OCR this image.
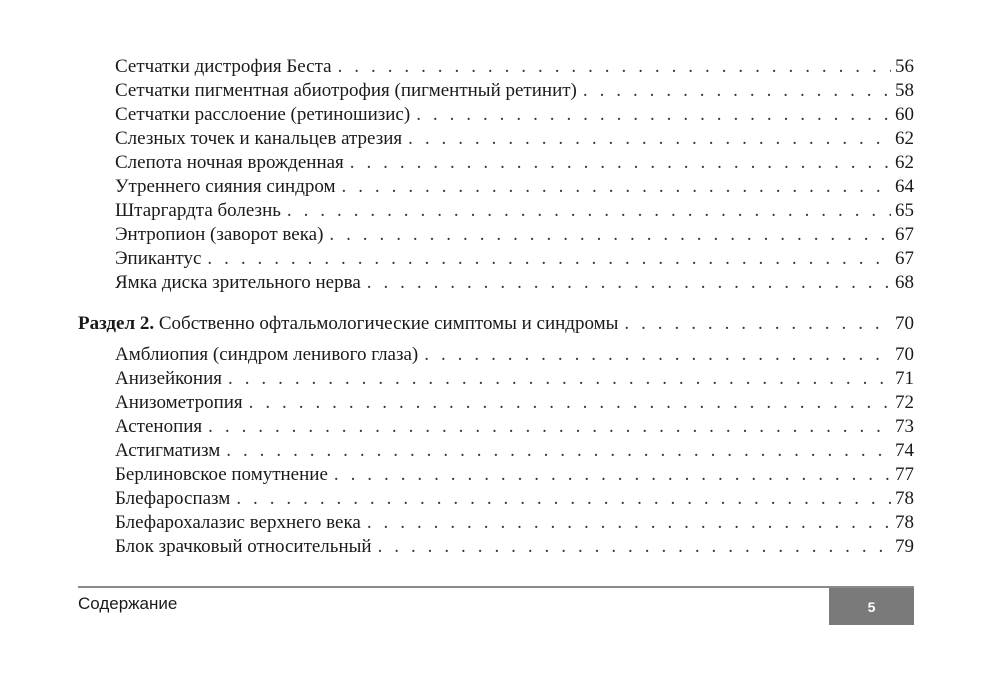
Сетчатки дистрофия Беста . . .	56
Сетчатки пигментная абиотрофия (пигментный ретинит) . . .	58
Сетчатки расслоение (ретиношизис) . . .	60
Слезных точек и канальцев атрезия . . .	62
Слепота ночная врожденная . . .	62
Утреннего сияния синдром . . .	64
Штаргардта болезнь . . .	65
Энтропион (заворот века) . . .	67
Эпикантус . . .	67
Ямка диска зрительного нерва . . .	68
Раздел 2. Собственно офтальмологические симптомы и синдромы . . .	70
Амблиопия (синдром ленивого глаза) . . .	70
Анизейкония . . .	71
Анизометропия . . .	72
Астенопия . . .	73
Астигматизм . . .	74
Берлиновское помутнение . . .	77
Блефароспазм . . .	78
Блефарохалазис верхнего века . . .	78
Блок зрачковый относительный . . .	79
Содержание	5
